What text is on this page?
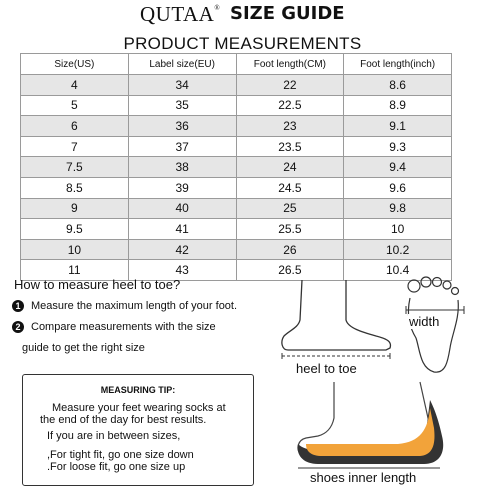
QUTAA® SIZE GUIDE
PRODUCT MEASUREMENTS
Size(US)	Label size(EU)	Foot length(CM)	Foot length(inch)
4	34	22	8.6
5	35	22.5	8.9
6	36	23	9.1
7	37	23.5	9.3
7.5	38	24	9.4
8.5	39	24.5	9.6
9	40	25	9.8
9.5	41	25.5	10
10	42	26	10.2
11	43	26.5	10.4
How to measure heel to toe?
1 Measure the maximum length of your foot.
2 Compare measurements with the size
guide to get the right size
MEASURING TIP:
Measure your feet wearing socks at
the end of the day for best results.
If you are in between sizes,
,For tight fit, go one size down
.For loose fit, go one size up
heel to toe
width
shoes inner length
